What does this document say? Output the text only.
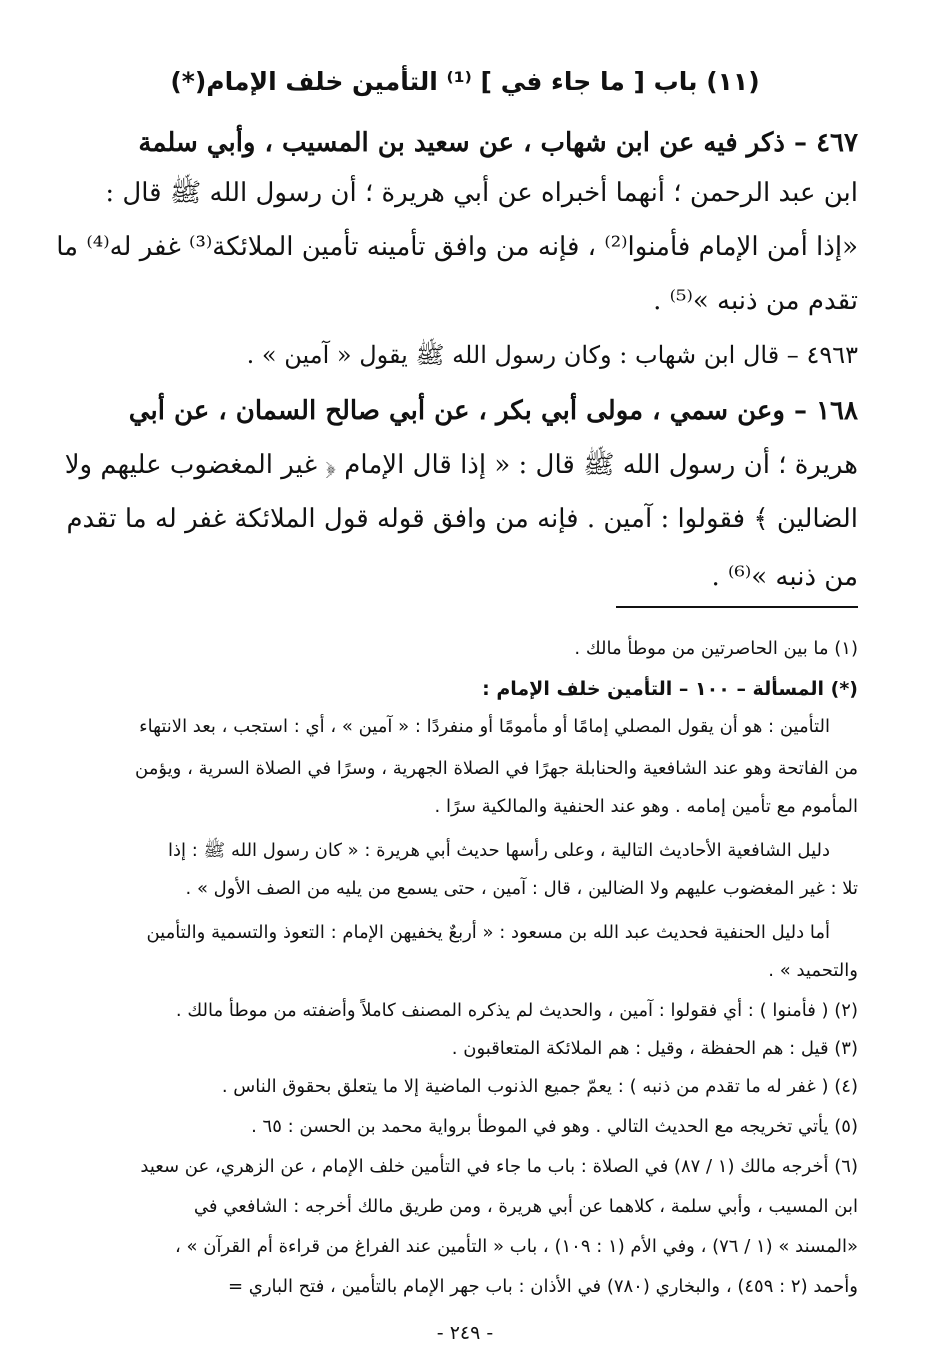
(١١) باب [ ما جاء في ] ⁽¹⁾ التأمين خلف الإمام(*)
٤٦٧ – ذكر فيه عن ابن شهاب ، عن سعيد بن المسيب ، وأبي سلمة
ابن عبد الرحمن ؛ أنهما أخبراه عن أبي هريرة ؛ أن رسول الله ﷺ قال :
«إذا أمن الإمام فأمنوا⁽²⁾ ، فإنه من وافق تأمينه تأمين الملائكة⁽³⁾ غفر له⁽⁴⁾ ما
تقدم من ذنبه »⁽⁵⁾ .
٤٩٦٣ – قال ابن شهاب : وكان رسول الله ﷺ يقول « آمين » .
١٦٨ – وعن سمي ، مولى أبي بكر ، عن أبي صالح السمان ، عن أبي
هريرة ؛ أن رسول الله ﷺ قال : « إذا قال الإمام ﴿ غير المغضوب عليهم ولا
الضالين ﴾ فقولوا : آمين . فإنه من وافق قوله قول الملائكة غفر له ما تقدم
من ذنبه »⁽⁶⁾ .
(١) ما بين الحاصرتين من موطأ مالك .
(*) المسألة – ١٠٠ – التأمين خلف الإمام :
التأمين : هو أن يقول المصلي إمامًا أو مأمومًا أو منفردًا : « آمين » ، أي : استجب ، بعد الانتهاء
من الفاتحة وهو عند الشافعية والحنابلة جهرًا في الصلاة الجهرية ، وسرًا في الصلاة السرية ، ويؤمن
المأموم مع تأمين إمامه . وهو عند الحنفية والمالكية سرًا .
دليل الشافعية الأحاديث التالية ، وعلى رأسها حديث أبي هريرة : « كان رسول الله ﷺ : إذا
تلا : غير المغضوب عليهم ولا الضالين ، قال : آمين ، حتى يسمع من يليه من الصف الأول » .
أما دليل الحنفية فحديث عبد الله بن مسعود : « أربعٌ يخفيهن الإمام : التعوذ والتسمية والتأمين
والتحميد » .
(٢) ( فأمنوا ) : أي فقولوا : آمين ، والحديث لم يذكره المصنف كاملاً وأضفته من موطأ مالك .
(٣) قيل : هم الحفظة ، وقيل : هم الملائكة المتعاقبون .
(٤) ( غفر له ما تقدم من ذنبه ) : يعمّ جميع الذنوب الماضية إلا ما يتعلق بحقوق الناس .
(٥) يأتي تخريجه مع الحديث التالي . وهو في الموطأ برواية محمد بن الحسن : ٦٥ .
(٦) أخرجه مالك (١ / ٨٧) في الصلاة : باب ما جاء في التأمين خلف الإمام ، عن الزهري، عن سعيد
ابن المسيب ، وأبي سلمة ، كلاهما عن أبي هريرة ، ومن طريق مالك أخرجه : الشافعي في
«المسند » (١ / ٧٦) ، وفي الأم (١ : ١٠٩) ، باب « التأمين عند الفراغ من قراءة أم القرآن » ،
وأحمد (٢ : ٤٥٩) ، والبخاري (٧٨٠) في الأذان : باب جهر الإمام بالتأمين ، فتح الباري =
- ٢٤٩ -
